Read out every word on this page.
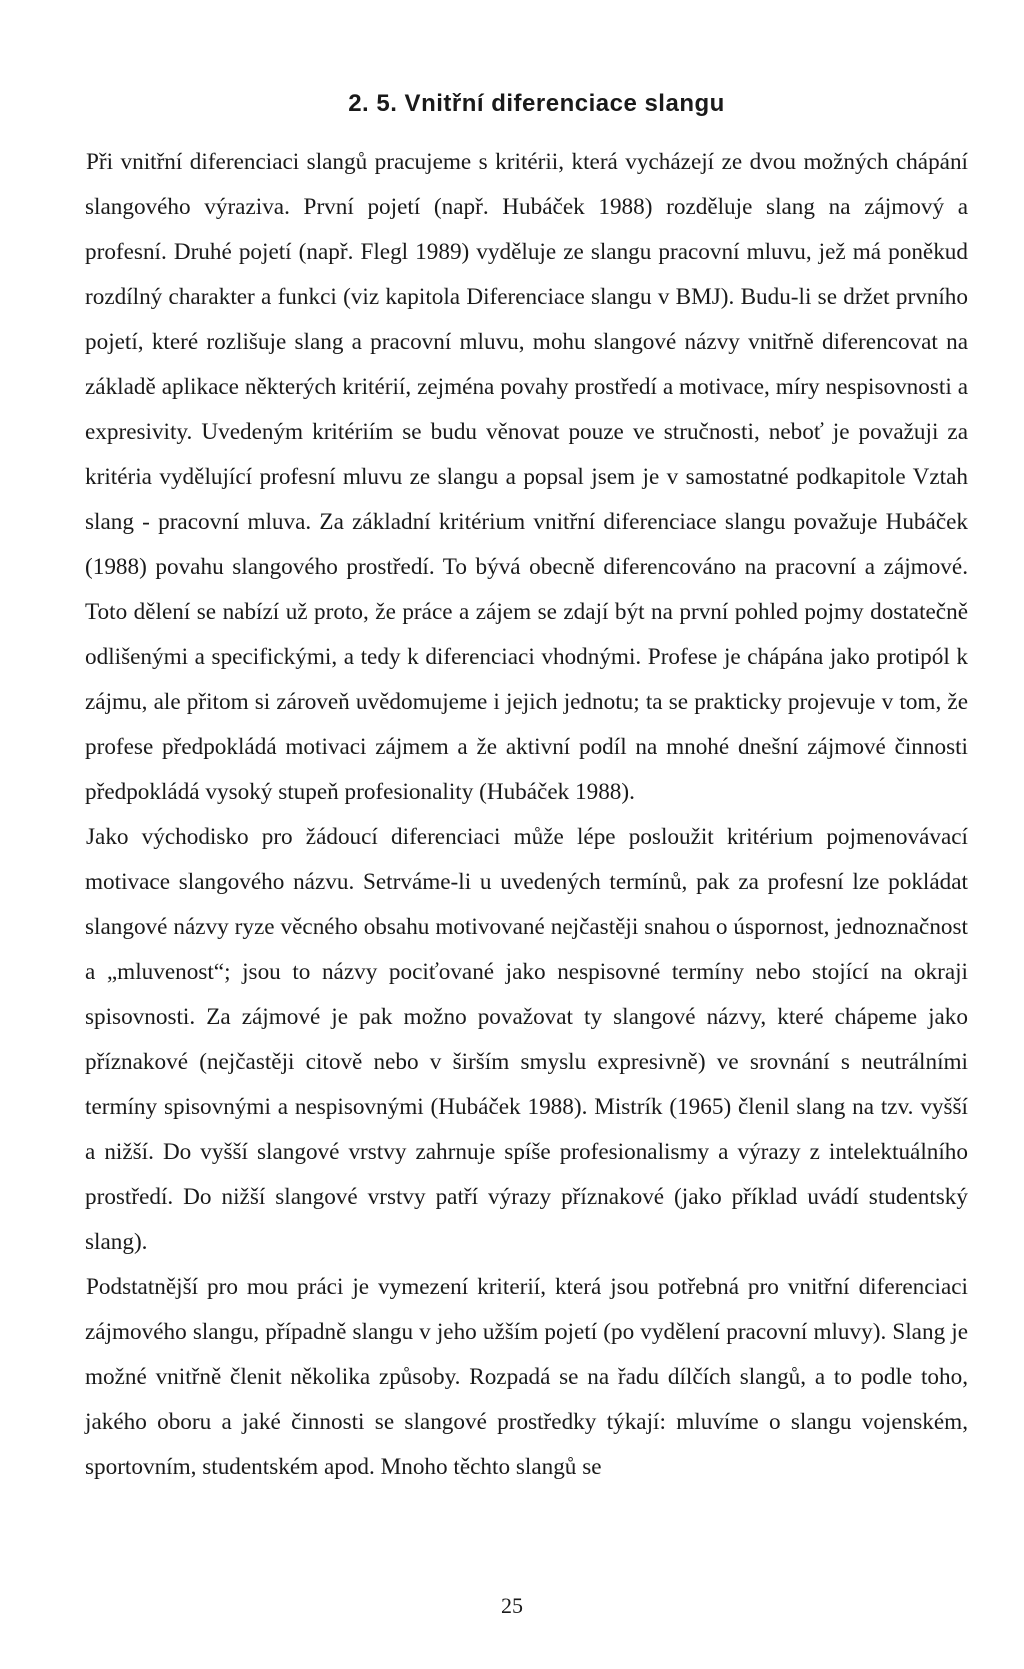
2. 5. Vnitřní diferenciace slangu

Při vnitřní diferenciaci slangů pracujeme s kritérii, která vycházejí ze dvou možných chápání slangového výraziva. První pojetí (např. Hubáček 1988) rozděluje slang na zájmový a profesní. Druhé pojetí (např. Flegl 1989) vyděluje ze slangu pracovní mluvu, jež má poněkud rozdílný charakter a funkci (viz kapitola Diferenciace slangu v BMJ). Budu-li se držet prvního pojetí, které rozlišuje slang a pracovní mluvu, mohu slangové názvy vnitřně diferencovat na základě aplikace některých kritérií, zejména povahy prostředí a motivace, míry nespisovnosti a expresivity. Uvedeným kritériím se budu věnovat pouze ve stručnosti, neboť je považuji za kritéria vydělující profesní mluvu ze slangu a popsal jsem je v samostatné podkapitole Vztah slang - pracovní mluva. Za základní kritérium vnitřní diferenciace slangu považuje Hubáček (1988) povahu slangového prostředí. To bývá obecně diferencováno na pracovní a zájmové. Toto dělení se nabízí už proto, že práce a zájem se zdají být na první pohled pojmy dostatečně odlišenými a specifickými, a tedy k diferenciaci vhodnými. Profese je chápána jako protipól k zájmu, ale přitom si zároveň uvědomujeme i jejich jednotu; ta se prakticky projevuje v tom, že profese předpokládá motivaci zájmem a že aktivní podíl na mnohé dnešní zájmové činnosti předpokládá vysoký stupeň profesionality (Hubáček 1988).

Jako východisko pro žádoucí diferenciaci může lépe posloužit kritérium pojmenovávací motivace slangového názvu. Setrváme-li u uvedených termínů, pak za profesní lze pokládat slangové názvy ryze věcného obsahu motivované nejčastěji snahou o úspornost, jednoznačnost a „mluvenost“; jsou to názvy pociťované jako nespisovné termíny nebo stojící na okraji spisovnosti. Za zájmové je pak možno považovat ty slangové názvy, které chápeme jako příznakové (nejčastěji citově nebo v širším smyslu expresivně) ve srovnání s neutrálními termíny spisovnými a nespisovnými (Hubáček 1988). Mistrík (1965) členil slang na tzv. vyšší a nižší. Do vyšší slangové vrstvy zahrnuje spíše profesionalismy a výrazy z intelektuálního prostředí. Do nižší slangové vrstvy patří výrazy příznakové (jako příklad uvádí studentský slang).

Podstatnější pro mou práci je vymezení kriterií, která jsou potřebná pro vnitřní diferenciaci zájmového slangu, případně slangu v jeho užším pojetí (po vydělení pracovní mluvy). Slang je možné vnitřně členit několika způsoby. Rozpadá se na řadu dílčích slangů, a to podle toho, jakého oboru a jaké činnosti se slangové prostředky týkají: mluvíme o slangu vojenském, sportovním, studentském apod. Mnoho těchto slangů se

25
